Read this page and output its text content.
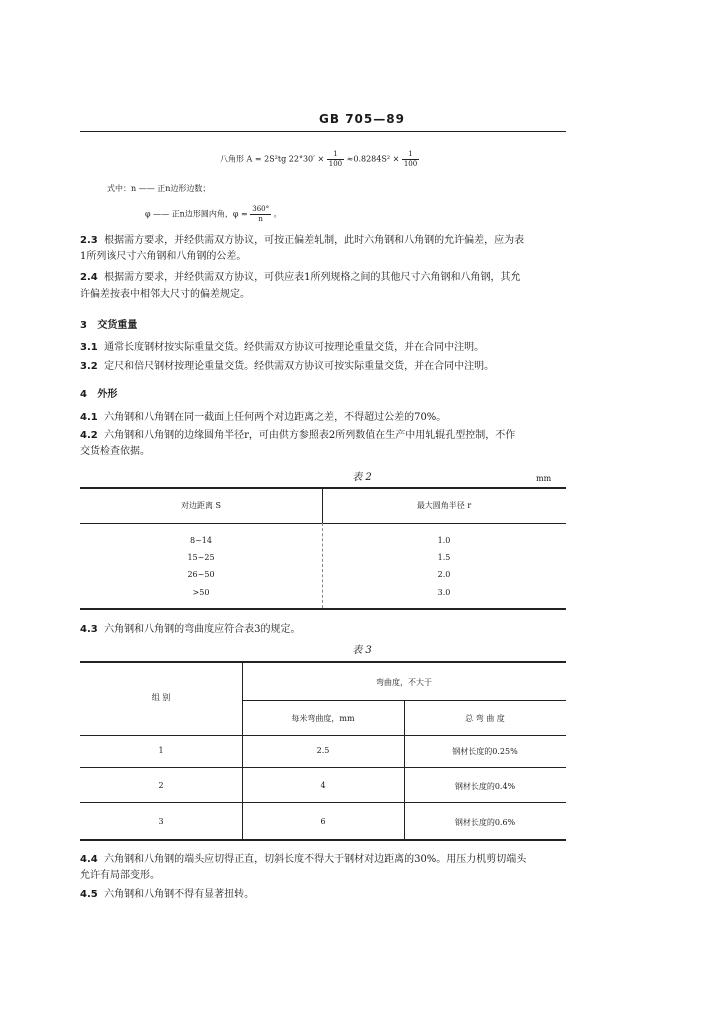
GB 705—89
八角形 A = 2S²tg $22^\circ 30' \times \frac{1}{100} \approx 0.8284S^2 \times \frac{1}{100}$
式中：n —— 正n边形边数；
φ —— 正n边形圆内角，$\varphi = \frac{360^\circ}{n}$ 。
2.3 根据需方要求，并经供需双方协议，可按正偏差轧制，此时六角钢和八角钢的允许偏差，应为表
1所列该尺寸六角钢和八角钢的公差。
2.4 根据需方要求，并经供需双方协议，可供应表1所列规格之间的其他尺寸六角钢和八角钢，其允
许偏差按表中相邻大尺寸的偏差规定。
3 交货重量
3.1 通常长度钢材按实际重量交货。经供需双方协议可按理论重量交货，并在合同中注明。
3.2 定尺和倍尺钢材按理论重量交货。经供需双方协议可按实际重量交货，并在合同中注明。
4 外形
4.1 六角钢和八角钢在同一截面上任何两个对边距离之差，不得超过公差的70%。
4.2 六角钢和八角钢的边缘圆角半径r，可由供方参照表2所列数值在生产中用轧辊孔型控制，不作
交货检查依据。
表 2	mm
对边距离 S	最大圆角半径 r
8~14	1.0
15~25	1.5
26~50	2.0
>50	3.0
4.3 六角钢和八角钢的弯曲度应符合表3的规定。
表 3
组 别
弯曲度，不大于
每米弯曲度，mm	总 弯 曲 度
1	2.5	钢材长度的0.25%
2	4	钢材长度的0.4%
3	6	钢材长度的0.6%
4.4 六角钢和八角钢的端头应切得正直，切斜长度不得大于钢材对边距离的30%。用压力机剪切端头
允许有局部变形。
4.5 六角钢和八角钢不得有显著扭转。
